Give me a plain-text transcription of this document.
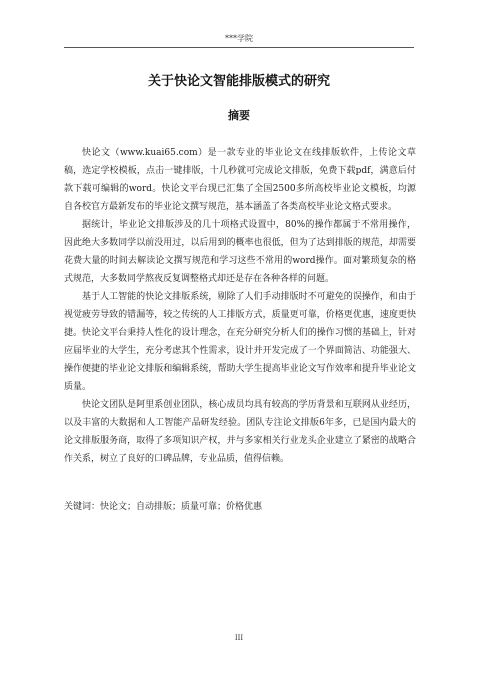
***学院
关于快论文智能排版模式的研究
摘要

快论文（www.kuai65.com）是一款专业的毕业论文在线排版软件，上传论文草稿，选定学校模板，点击一键排版，十几秒就可完成论文排版，免费下载pdf，满意后付款下载可编辑的word。快论文平台现已汇集了全国2500多所高校毕业论文模板，均源自各校官方最新发布的毕业论文撰写规范，基本涵盖了各类高校毕业论文格式要求。

据统计，毕业论文排版涉及的几十项格式设置中，80%的操作都属于不常用操作，因此绝大多数同学以前没用过，以后用到的概率也很低，但为了达到排版的规范，却需要花费大量的时间去解读论文撰写规范和学习这些不常用的word操作。面对繁琐复杂的格式规范，大多数同学熬夜反复调整格式却还是存在各种各样的问题。

基于人工智能的快论文排版系统，剔除了人们手动排版时不可避免的误操作，和由于视觉疲劳导致的错漏等，较之传统的人工排版方式，质量更可靠，价格更优惠，速度更快捷。快论文平台秉持人性化的设计理念，在充分研究分析人们的操作习惯的基础上，针对应届毕业的大学生，充分考虑其个性需求，设计并开发完成了一个界面简洁、功能强大、操作便捷的毕业论文排版和编辑系统，帮助大学生提高毕业论文写作效率和提升毕业论文质量。

快论文团队是阿里系创业团队，核心成员均具有较高的学历背景和互联网从业经历，以及丰富的大数据和人工智能产品研发经验。团队专注论文排版6年多，已是国内最大的论文排版服务商，取得了多项知识产权，并与多家相关行业龙头企业建立了紧密的战略合作关系，树立了良好的口碑品牌，专业品质，值得信赖。

关键词：快论文；自动排版；质量可靠；价格优惠
III
